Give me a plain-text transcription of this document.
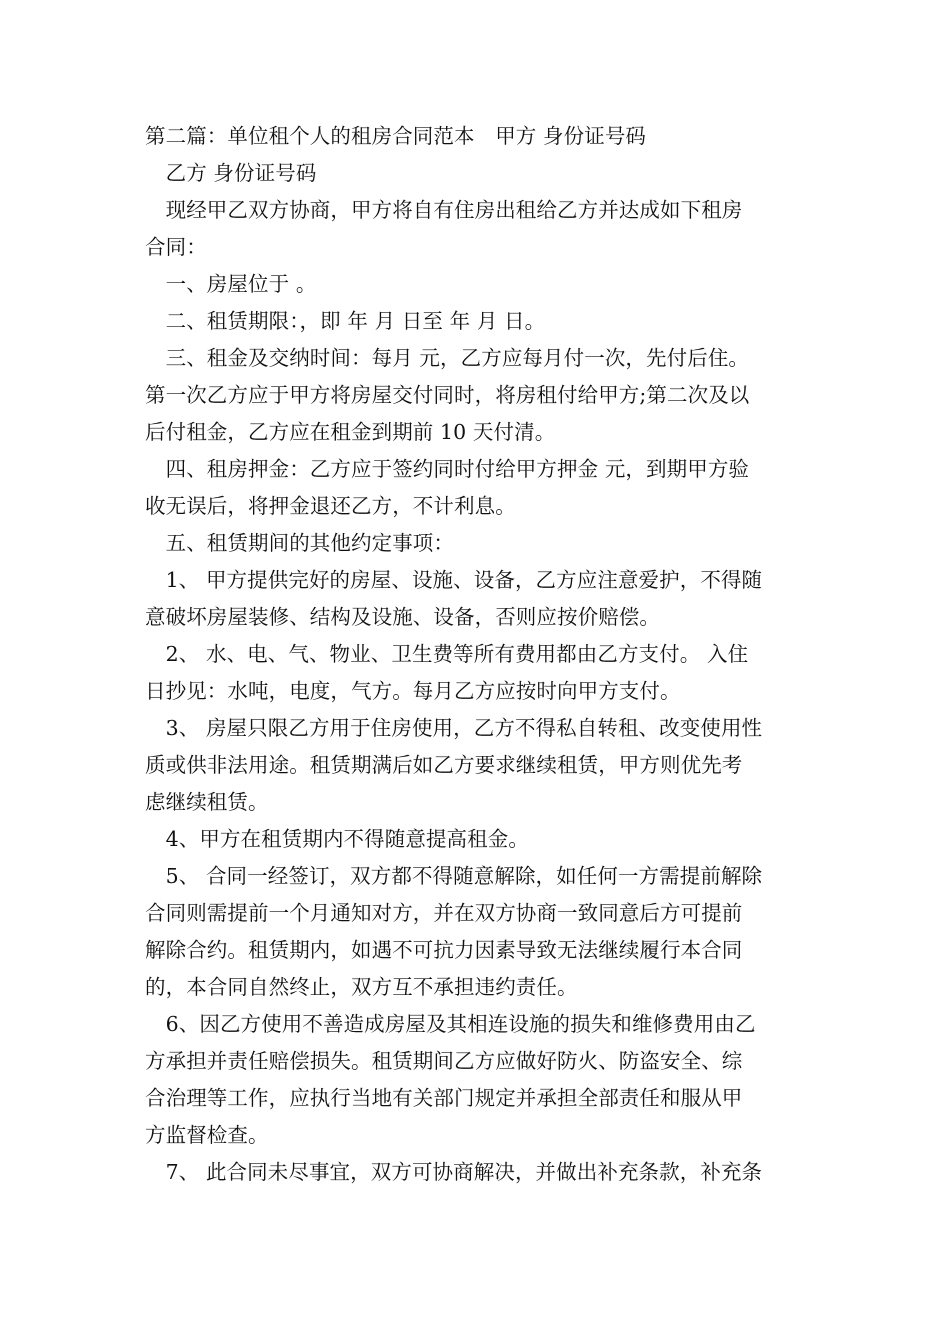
第二篇：单位租个人的租房合同范本　甲方 身份证号码

　乙方 身份证号码

　现经甲乙双方协商，甲方将自有住房出租给乙方并达成如下租房

合同：

　一、房屋位于 。

　二、租赁期限：，即 年 月 日至 年 月 日。

　三、租金及交纳时间：每月 元，乙方应每月付一次，先付后住。

第一次乙方应于甲方将房屋交付同时，将房租付给甲方;第二次及以

后付租金，乙方应在租金到期前 10 天付清。

　四、租房押金：乙方应于签约同时付给甲方押金 元，到期甲方验

收无误后，将押金退还乙方，不计利息。

　五、租赁期间的其他约定事项：

　1、 甲方提供完好的房屋、设施、设备，乙方应注意爱护，不得随

意破坏房屋装修、结构及设施、设备，否则应按价赔偿。

　2、 水、电、气、物业、卫生费等所有费用都由乙方支付。 入住

日抄见：水吨，电度，气方。每月乙方应按时向甲方支付。

　3、 房屋只限乙方用于住房使用，乙方不得私自转租、改变使用性

质或供非法用途。租赁期满后如乙方要求继续租赁，甲方则优先考

虑继续租赁。

　4、甲方在租赁期内不得随意提高租金。

　5、 合同一经签订，双方都不得随意解除，如任何一方需提前解除

合同则需提前一个月通知对方，并在双方协商一致同意后方可提前

解除合约。租赁期内，如遇不可抗力因素导致无法继续履行本合同

的，本合同自然终止，双方互不承担违约责任。

　6、因乙方使用不善造成房屋及其相连设施的损失和维修费用由乙

方承担并责任赔偿损失。租赁期间乙方应做好防火、防盗安全、综

合治理等工作，应执行当地有关部门规定并承担全部责任和服从甲

方监督检查。

　7、 此合同未尽事宜，双方可协商解决，并做出补充条款，补充条
